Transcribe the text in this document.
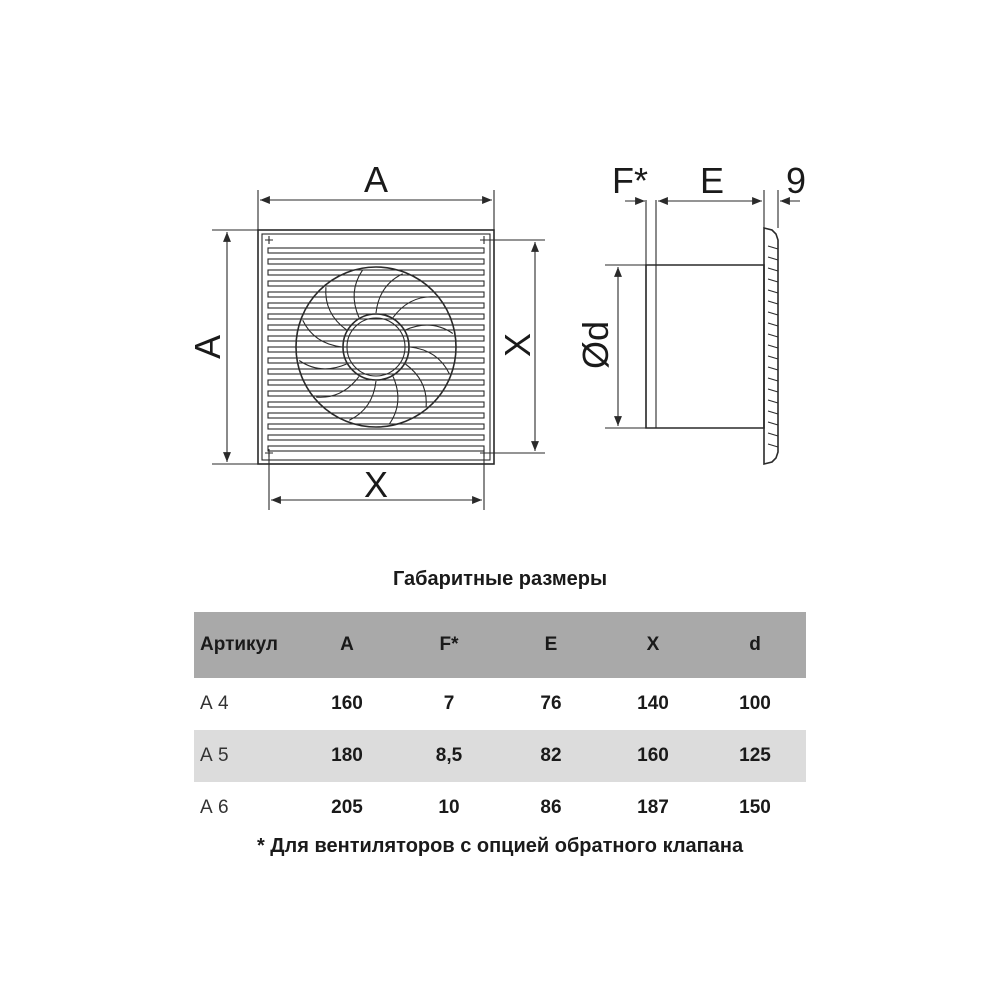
A
A	X
X
F* E 9
Ød
Габаритные размеры
Артикул	A	F*	E	X	d
А 4	160	7	76	140	100
А 5	180	8,5	82	160	125
А 6	205	10	86	187	150
* Для вентиляторов с опцией обратного клапана
